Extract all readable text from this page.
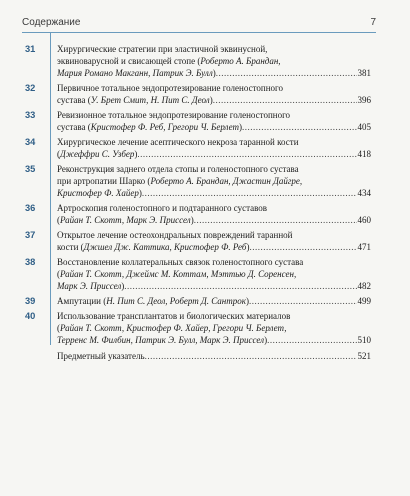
Содержание	7
31 Хирургические стратегии при эластичной эквинусной,
эквиноварусной и свисающей стопе (Роберто А. Брандан,
Мария Романо Макганн, Патрик Э. Булл) .....	381
32 Первичное тотальное эндопротезирование голеностопного
сустава (У. Брет Смит, Н. Пит С. Деол) .....	396
33 Ревизионное тотальное эндопротезирование голеностопного
сустава (Кристофер Ф. Реб, Грегори Ч. Берлет) .....	405
34 Хирургическое лечение асептического некроза таранной кости
(Джеффри С. Узбер) .....	418
35 Реконструкция заднего отдела стопы и голеностопного сустава
при артропатии Шарко (Роберто А. Брандан, Джастин Дайгре,
Кристофер Ф. Хайер) .....	434
36 Артроскопия голеностопного и подтаранного суставов
(Райан Т. Скотт, Марк Э. Приссел) .....	460
37 Открытое лечение остеохондральных повреждений таранной
кости (Джшел Дж. Каттика, Кристофер Ф. Реб) .....	471
38 Восстановление коллатеральных связок голеностопного сустава
(Райан Т. Скотт, Джеймс М. Коттам, Мэттью Д. Соренсен,
Марк Э. Приссел) .....	482
39 Ампутации (Н. Пит С. Деол, Роберт Д. Сантрок) .....	499
40 Использование трансплантатов и биологических материалов
(Райан Т. Скотт, Кристофер Ф. Хайер, Грегори Ч. Берлет,
Терренс М. Филбин, Патрик Э. Булл, Марк Э. Приссел) .....	510
Предметный указатель .....	521
